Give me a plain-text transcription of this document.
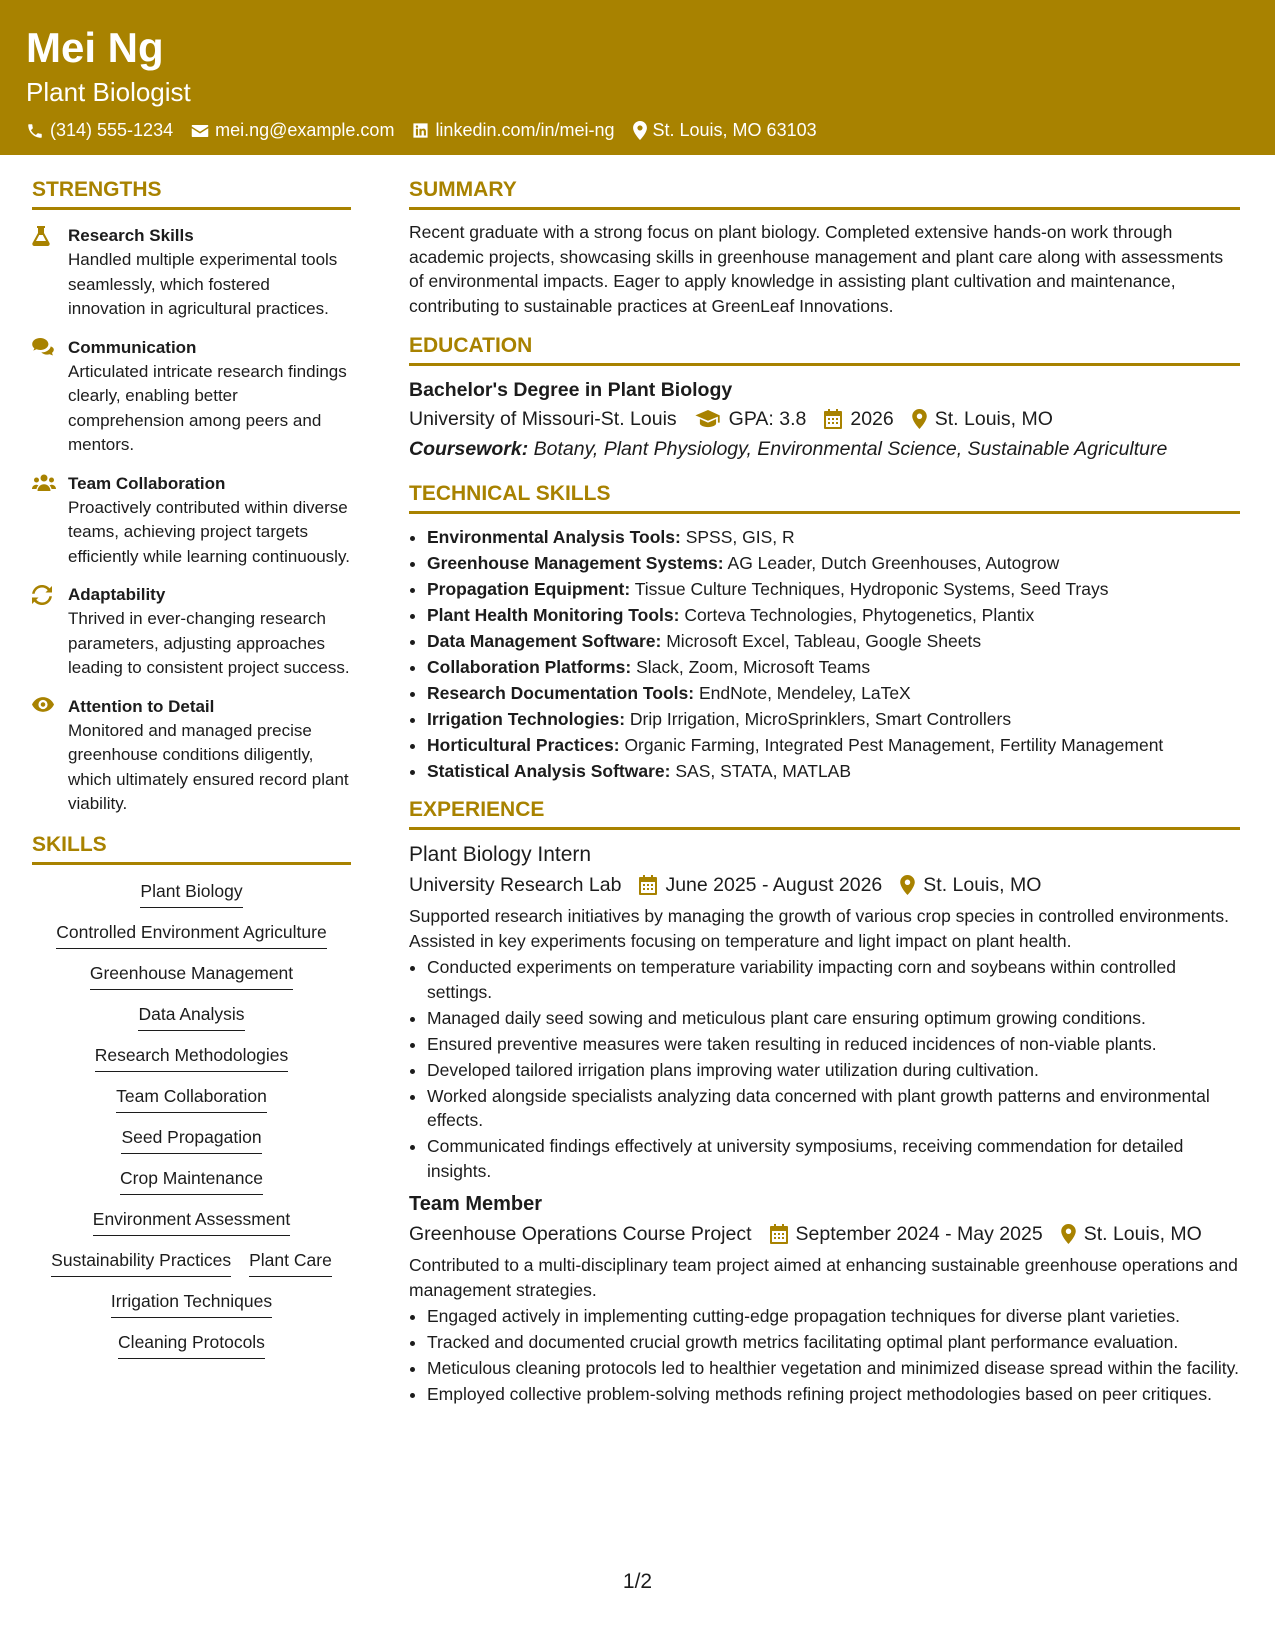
Mei Ng
Plant Biologist
(314) 555-1234 mei.ng@example.com linkedin.com/in/mei-ng St. Louis, MO 63103
STRENGTHS
Research Skills
Handled multiple experimental tools seamlessly, which fostered innovation in agricultural practices.
Communication
Articulated intricate research findings clearly, enabling better comprehension among peers and mentors.
Team Collaboration
Proactively contributed within diverse teams, achieving project targets efficiently while learning continuously.
Adaptability
Thrived in ever-changing research parameters, adjusting approaches leading to consistent project success.
Attention to Detail
Monitored and managed precise greenhouse conditions diligently, which ultimately ensured record plant viability.
SKILLS
Plant Biology
Controlled Environment Agriculture
Greenhouse Management
Data Analysis
Research Methodologies
Team Collaboration
Seed Propagation
Crop Maintenance
Environment Assessment
Sustainability Practices Plant Care
Irrigation Techniques
Cleaning Protocols
SUMMARY

Recent graduate with a strong focus on plant biology. Completed extensive hands-on work through academic projects, showcasing skills in greenhouse management and plant care along with assessments of environmental impacts. Eager to apply knowledge in assisting plant cultivation and maintenance, contributing to sustainable practices at GreenLeaf Innovations.

EDUCATION
Bachelor's Degree in Plant Biology
University of Missouri-St. Louis	GPA: 3.8 2026 St. Louis, MO
Coursework: Botany, Plant Physiology, Environmental Science, Sustainable Agriculture
TECHNICAL SKILLS
• Environmental Analysis Tools: SPSS, GIS, R
• Greenhouse Management Systems: AG Leader, Dutch Greenhouses, Autogrow
• Propagation Equipment: Tissue Culture Techniques, Hydroponic Systems, Seed Trays
• Plant Health Monitoring Tools: Corteva Technologies, Phytogenetics, Plantix
• Data Management Software: Microsoft Excel, Tableau, Google Sheets
• Collaboration Platforms: Slack, Zoom, Microsoft Teams
• Research Documentation Tools: EndNote, Mendeley, LaTeX
• Irrigation Technologies: Drip Irrigation, MicroSprinklers, Smart Controllers
• Horticultural Practices: Organic Farming, Integrated Pest Management, Fertility Management
• Statistical Analysis Software: SAS, STATA, MATLAB
EXPERIENCE
Plant Biology Intern
University Research Lab June 2025 - August 2026 St. Louis, MO

Supported research initiatives by managing the growth of various crop species in controlled environments. Assisted in key experiments focusing on temperature and light impact on plant health.

• Conducted experiments on temperature variability impacting corn and soybeans within controlled settings.
• Managed daily seed sowing and meticulous plant care ensuring optimum growing conditions.
• Ensured preventive measures were taken resulting in reduced incidences of non-viable plants.
• Developed tailored irrigation plans improving water utilization during cultivation.
• Worked alongside specialists analyzing data concerned with plant growth patterns and environmental effects.
• Communicated findings effectively at university symposiums, receiving commendation for detailed insights.
Team Member
Greenhouse Operations Course Project September 2024 - May 2025 St. Louis, MO

Contributed to a multi-disciplinary team project aimed at enhancing sustainable greenhouse operations and management strategies.

• Engaged actively in implementing cutting-edge propagation techniques for diverse plant varieties.
• Tracked and documented crucial growth metrics facilitating optimal plant performance evaluation.
• Meticulous cleaning protocols led to healthier vegetation and minimized disease spread within the facility.
• Employed collective problem-solving methods refining project methodologies based on peer critiques.
1/2
